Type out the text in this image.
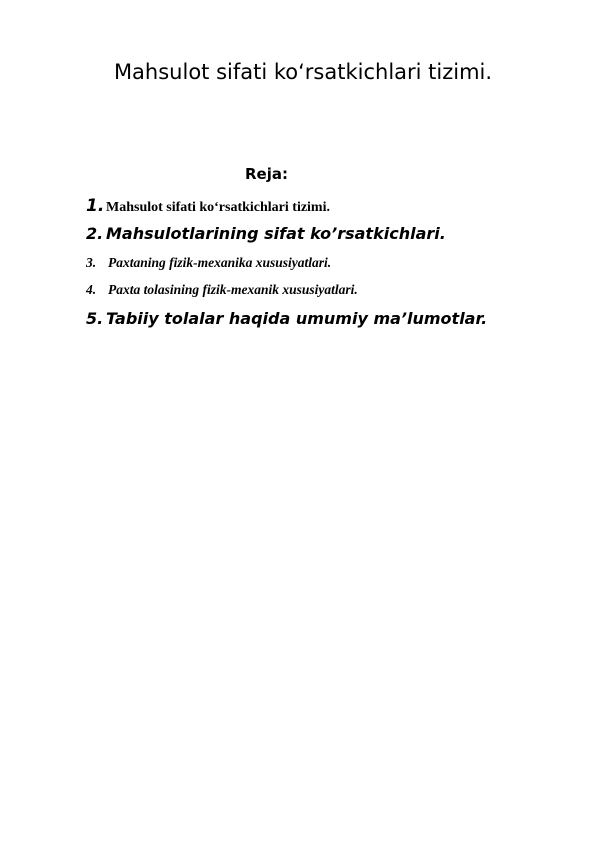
Mahsulot sifati ko‘rsatkichlari tizimi.
Reja:
1. Mahsulot sifati ko‘rsatkichlari tizimi.
2. Mahsulotlarining sifat ko’rsatkichlari.
3. Paxtaning fizik-mexanika xususiyatlari.
4. Paxta tolasining fizik-mexanik xususiyatlari.
5. Tabiiy tolalar haqida umumiy ma’lumotlar.
